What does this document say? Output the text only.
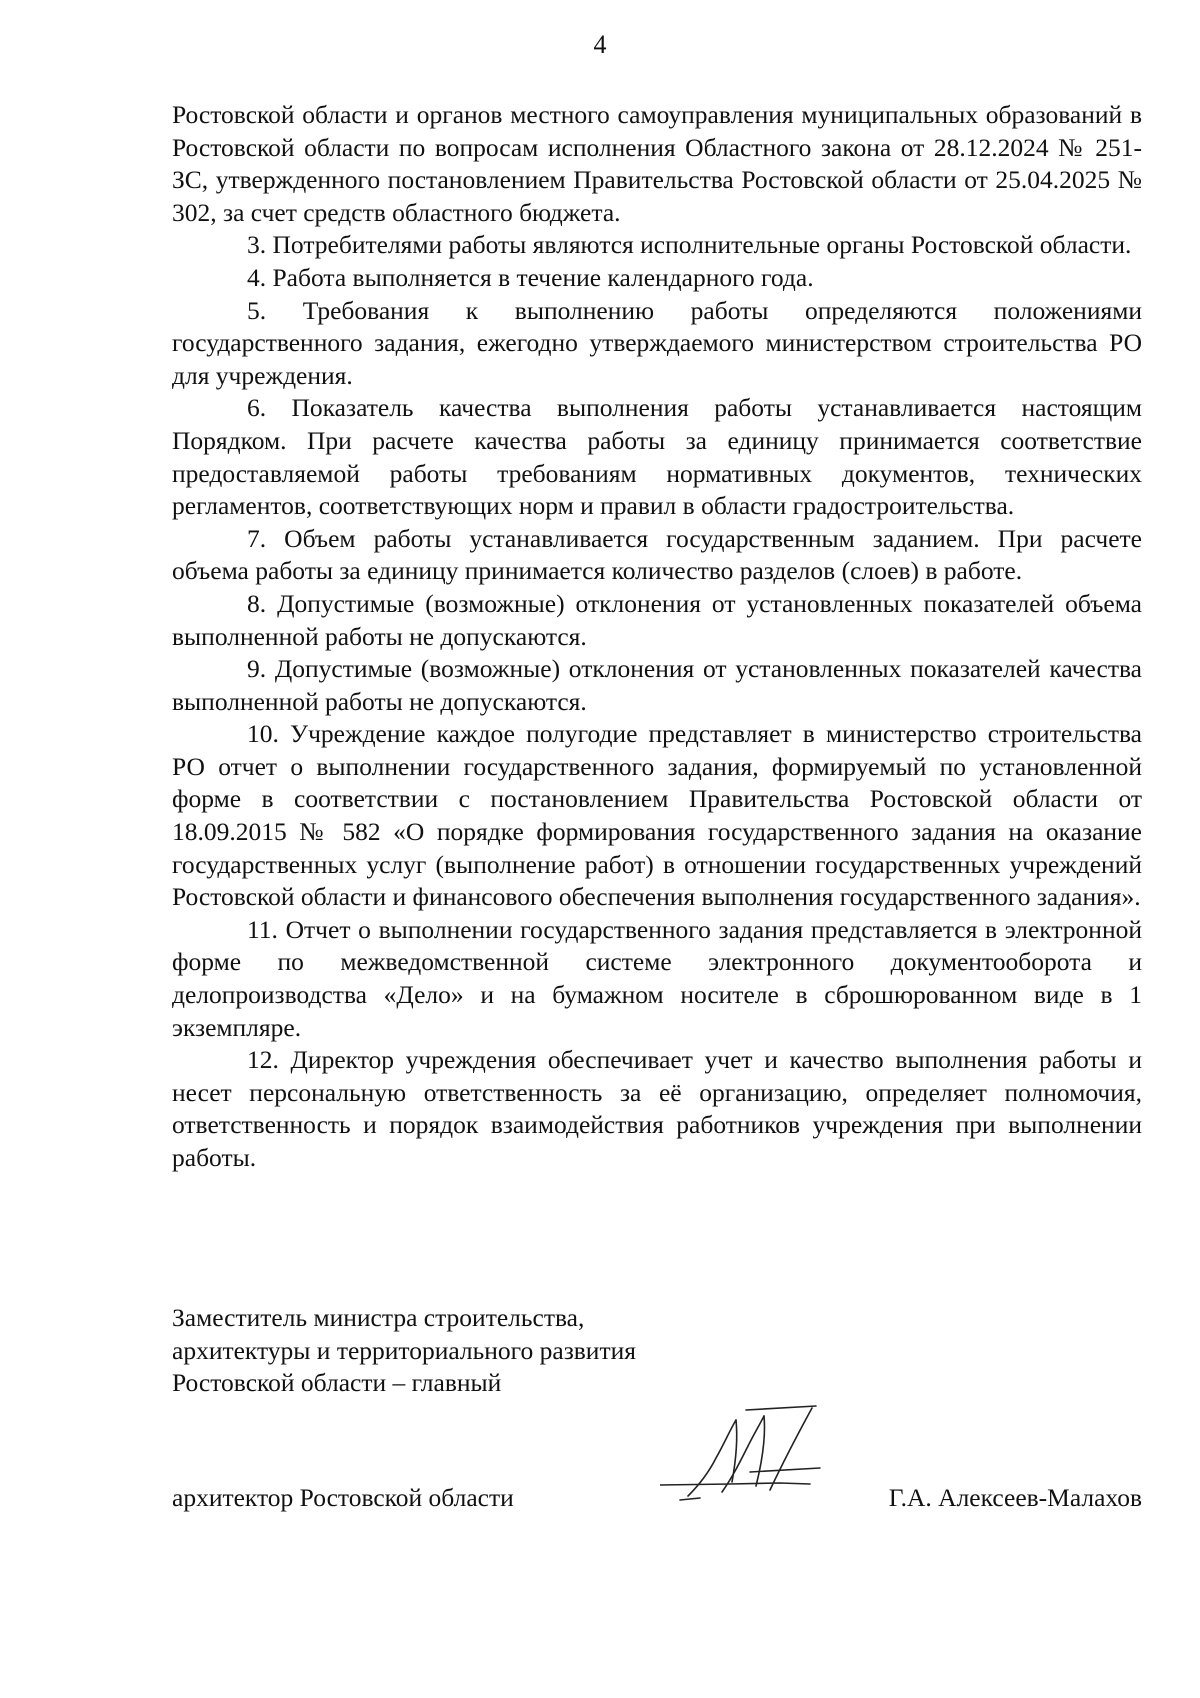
4

Ростовской области и органов местного самоуправления муниципальных образований в Ростовской области по вопросам исполнения Областного закона от 28.12.2024 № 251-ЗС, утвержденного постановлением Правительства Ростовской области от 25.04.2025 № 302, за счет средств областного бюджета.

3. Потребителями работы являются исполнительные органы Ростовской области.

4. Работа выполняется в течение календарного года.

5. Требования к выполнению работы определяются положениями государственного задания, ежегодно утверждаемого министерством строительства РО для учреждения.

6. Показатель качества выполнения работы устанавливается настоящим Порядком. При расчете качества работы за единицу принимается соответствие предоставляемой работы требованиям нормативных документов, технических регламентов, соответствующих норм и правил в области градостроительства.

7. Объем работы устанавливается государственным заданием. При расчете объема работы за единицу принимается количество разделов (слоев) в работе.

8. Допустимые (возможные) отклонения от установленных показателей объема выполненной работы не допускаются.

9. Допустимые (возможные) отклонения от установленных показателей качества выполненной работы не допускаются.

10. Учреждение каждое полугодие представляет в министерство строительства РО отчет о выполнении государственного задания, формируемый по установленной форме в соответствии с постановлением Правительства Ростовской области от 18.09.2015 № 582 «О порядке формирования государственного задания на оказание государственных услуг (выполнение работ) в отношении государственных учреждений Ростовской области и финансового обеспечения выполнения государственного задания».

11. Отчет о выполнении государственного задания представляется в электронной форме по межведомственной системе электронного документооборота и делопроизводства «Дело» и на бумажном носителе в сброшюрованном виде в 1 экземпляре.

12. Директор учреждения обеспечивает учет и качество выполнения работы и несет персональную ответственность за её организацию, определяет полномочия, ответственность и порядок взаимодействия работников учреждения при выполнении работы.

Заместитель министра строительства,
архитектуры и территориального развития
Ростовской области – главный
архитектор Ростовской области	Г.А. Алексеев-Малахов
